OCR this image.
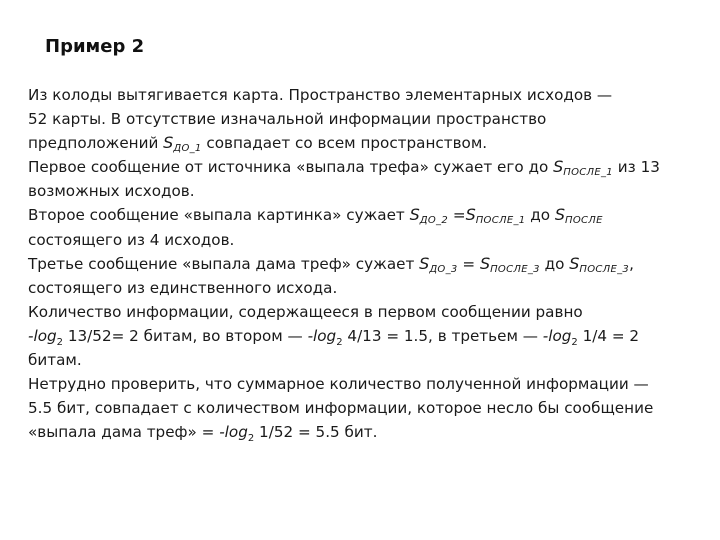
Пример 2
Из колоды вытягивается карта. Пространство элементарных исходов —
52 карты. В отсутствие изначальной информации пространство
предположений SДО_1 совпадает со всем пространством.
Первое сообщение от источника «выпала трефа» сужает его до SПОСЛЕ_1 из 13
возможных исходов.
Второе сообщение «выпала картинка» сужает SДО_2 =SПОСЛЕ_1 до SПОСЛЕ
состоящего из 4 исходов.
Третье сообщение «выпала дама треф» сужает SДО_3 = SПОСЛЕ_3 до SПОСЛЕ_3,
состоящего из единственного исхода.
Количество информации, содержащееся в первом сообщении равно
$-\log_2$ 13/52= 2 битам, во втором — $-\log_2$ 4/13 = 1.5, в третьем — $-\log_2$ 1/4 = 2
битам.
Нетрудно проверить, что суммарное количество полученной информации —
5.5 бит, совпадает с количеством информации, которое несло бы сообщение
«выпала дама треф» = $-\log_2$ 1/52 = 5.5 бит.
